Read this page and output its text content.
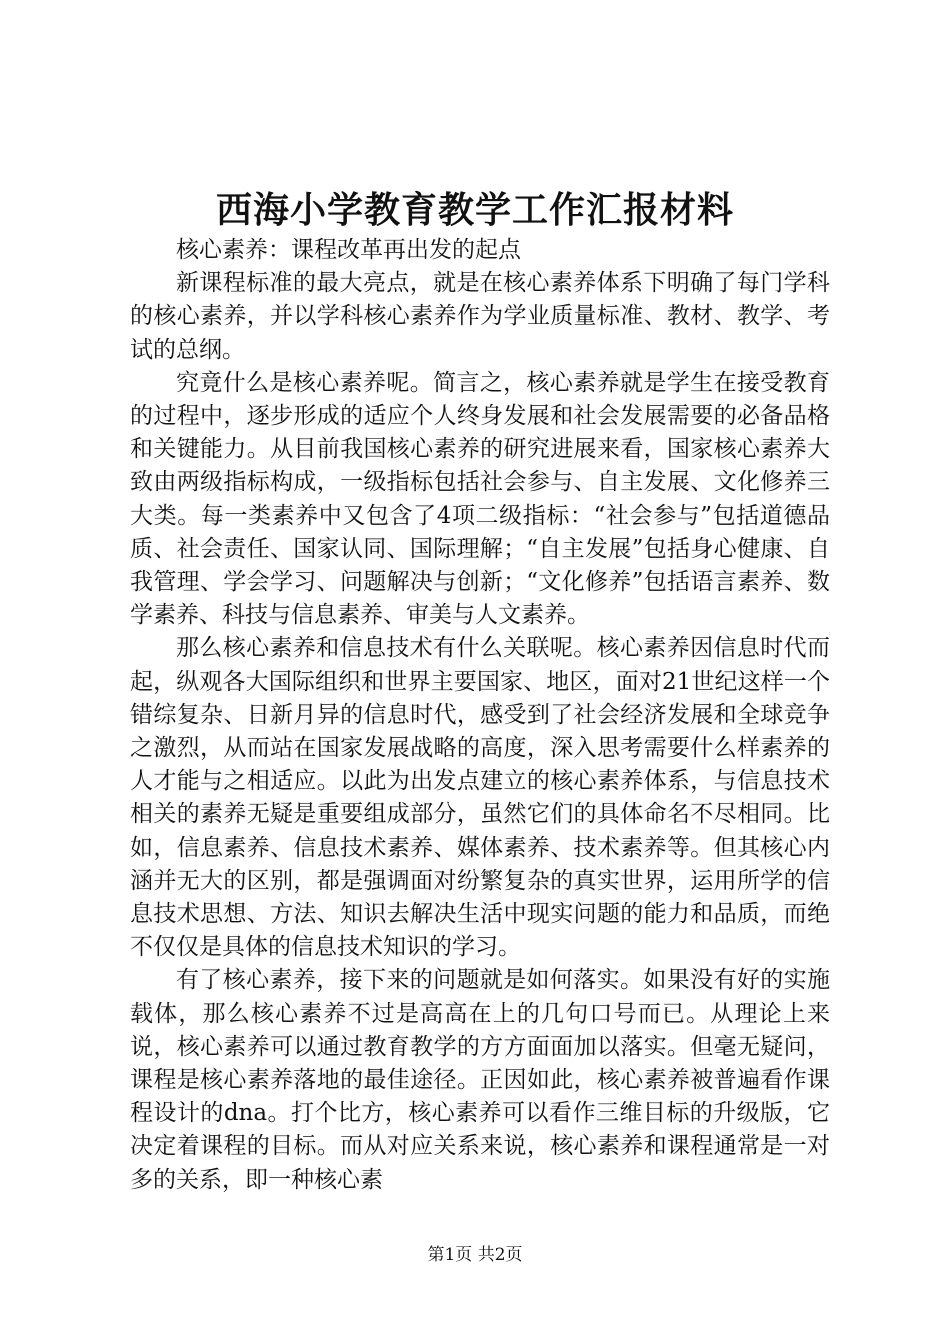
西海小学教育教学工作汇报材料

核心素养：课程改革再出发的起点

新课程标准的最大亮点，就是在核心素养体系下明确了每门学科的核心素养，并以学科核心素养作为学业质量标准、教材、教学、考试的总纲。

究竟什么是核心素养呢。简言之，核心素养就是学生在接受教育的过程中，逐步形成的适应个人终身发展和社会发展需要的必备品格和关键能力。从目前我国核心素养的研究进展来看，国家核心素养大致由两级指标构成，一级指标包括社会参与、自主发展、文化修养三大类。每一类素养中又包含了4项二级指标：“社会参与”包括道德品质、社会责任、国家认同、国际理解；“自主发展”包括身心健康、自我管理、学会学习、问题解决与创新；“文化修养”包括语言素养、数学素养、科技与信息素养、审美与人文素养。

那么核心素养和信息技术有什么关联呢。核心素养因信息时代而起，纵观各大国际组织和世界主要国家、地区，面对21世纪这样一个错综复杂、日新月异的信息时代，感受到了社会经济发展和全球竞争之激烈，从而站在国家发展战略的高度，深入思考需要什么样素养的人才能与之相适应。以此为出发点建立的核心素养体系，与信息技术相关的素养无疑是重要组成部分，虽然它们的具体命名不尽相同。比如，信息素养、信息技术素养、媒体素养、技术素养等。但其核心内涵并无大的区别，都是强调面对纷繁复杂的真实世界，运用所学的信息技术思想、方法、知识去解决生活中现实问题的能力和品质，而绝不仅仅是具体的信息技术知识的学习。

有了核心素养，接下来的问题就是如何落实。如果没有好的实施载体，那么核心素养不过是高高在上的几句口号而已。从理论上来说，核心素养可以通过教育教学的方方面面加以落实。但毫无疑问，课程是核心素养落地的最佳途径。正因如此，核心素养被普遍看作课程设计的dna。打个比方，核心素养可以看作三维目标的升级版，它决定着课程的目标。而从对应关系来说，核心素养和课程通常是一对多的关系，即一种核心素

第1页 共2页
